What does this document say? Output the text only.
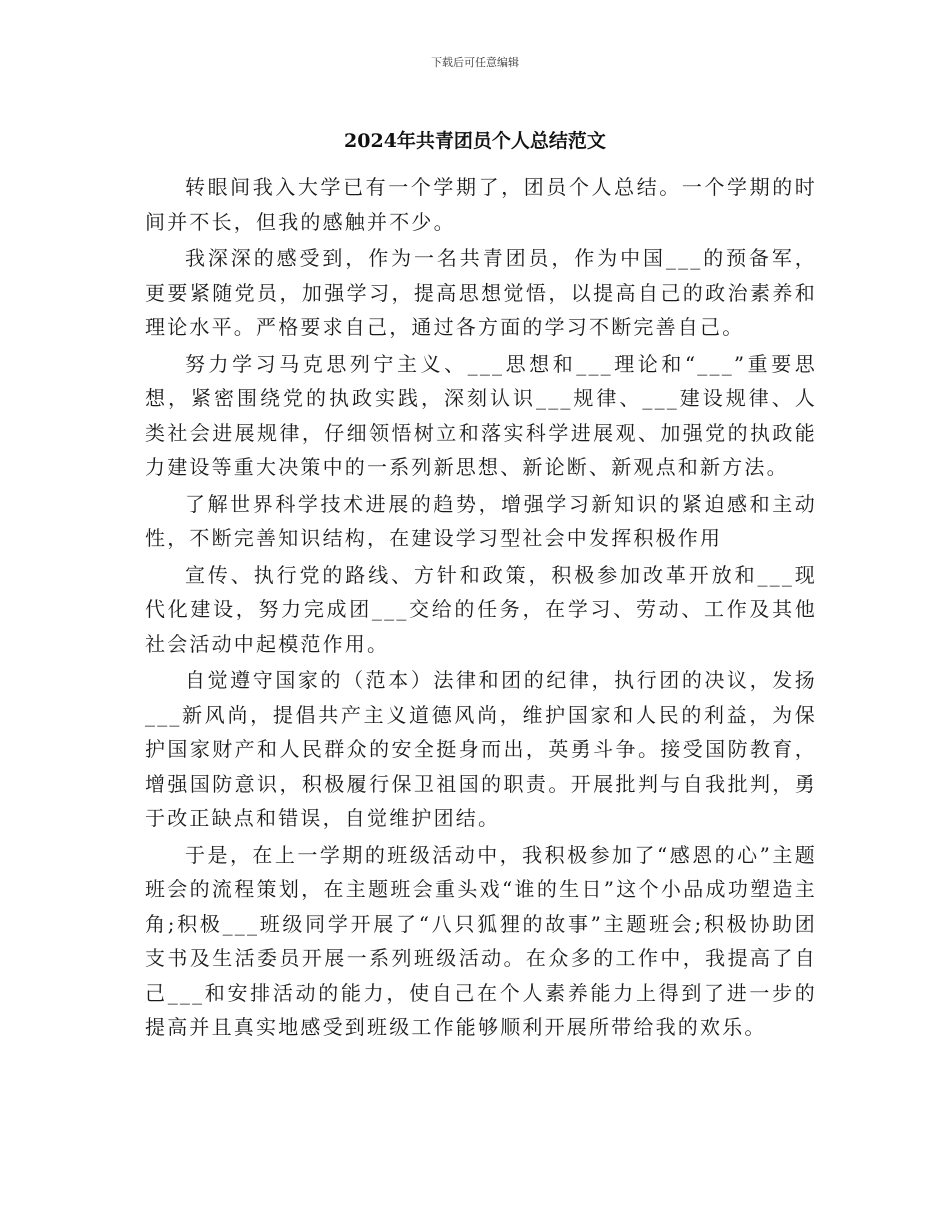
下载后可任意编辑
2024年共青团员个人总结范文

转眼间我入大学已有一个学期了，团员个人总结。一个学期的时间并不长，但我的感触并不少。

我深深的感受到，作为一名共青团员，作为中国___的预备军，更要紧随党员，加强学习，提高思想觉悟，以提高自己的政治素养和理论水平。严格要求自己，通过各方面的学习不断完善自己。

努力学习马克思列宁主义、___思想和___理论和“___”重要思想，紧密围绕党的执政实践，深刻认识___规律、___建设规律、人类社会进展规律，仔细领悟树立和落实科学进展观、加强党的执政能力建设等重大决策中的一系列新思想、新论断、新观点和新方法。

了解世界科学技术进展的趋势，增强学习新知识的紧迫感和主动性，不断完善知识结构，在建设学习型社会中发挥积极作用

宣传、执行党的路线、方针和政策，积极参加改革开放和___现代化建设，努力完成团___交给的任务，在学习、劳动、工作及其他社会活动中起模范作用。

自觉遵守国家的（范本）法律和团的纪律，执行团的决议，发扬___新风尚，提倡共产主义道德风尚，维护国家和人民的利益，为保护国家财产和人民群众的安全挺身而出，英勇斗争。接受国防教育，增强国防意识，积极履行保卫祖国的职责。开展批判与自我批判，勇于改正缺点和错误，自觉维护团结。

于是，在上一学期的班级活动中，我积极参加了“感恩的心”主题班会的流程策划，在主题班会重头戏“谁的生日”这个小品成功塑造主角;积极___班级同学开展了“八只狐狸的故事”主题班会;积极协助团支书及生活委员开展一系列班级活动。在众多的工作中，我提高了自己___和安排活动的能力，使自己在个人素养能力上得到了进一步的提高并且真实地感受到班级工作能够顺利开展所带给我的欢乐。
